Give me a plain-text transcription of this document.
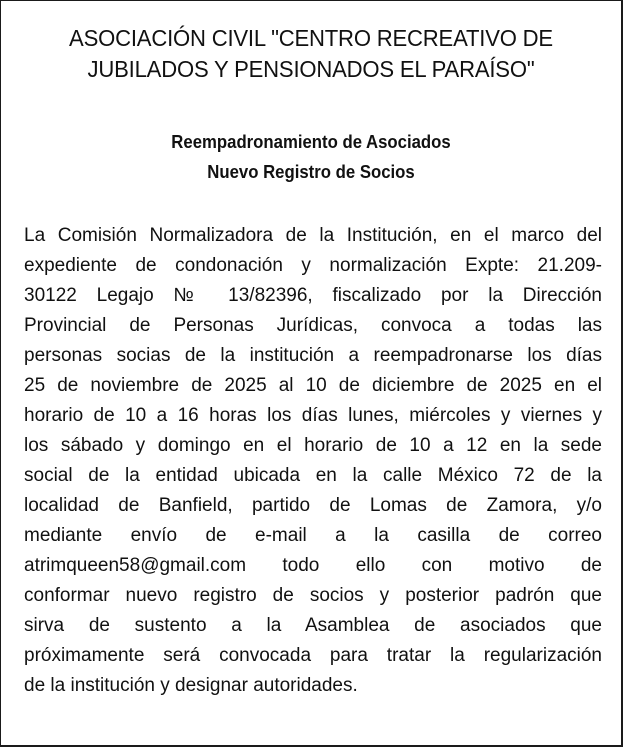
ASOCIACIÓN CIVIL "CENTRO RECREATIVO DE
JUBILADOS Y PENSIONADOS EL PARAÍSO"
Reempadronamiento de Asociados
Nuevo Registro de Socios
La Comisión Normalizadora de la Institución, en el marco del
expediente de condonación y normalización Expte: 21.209-
30122 Legajo № 13/82396, fiscalizado por la Dirección
Provincial de Personas Jurídicas, convoca a todas las
personas socias de la institución a reempadronarse los días
25 de noviembre de 2025 al 10 de diciembre de 2025 en el
horario de 10 a 16 horas los días lunes, miércoles y viernes y
los sábado y domingo en el horario de 10 a 12 en la sede
social de la entidad ubicada en la calle México 72 de la
localidad de Banfield, partido de Lomas de Zamora, y/o
mediante envío de e-mail a la casilla de correo
atrimqueen58@gmail.com todo ello con motivo de
conformar nuevo registro de socios y posterior padrón que
sirva de sustento a la Asamblea de asociados que
próximamente será convocada para tratar la regularización
de la institución y designar autoridades.
